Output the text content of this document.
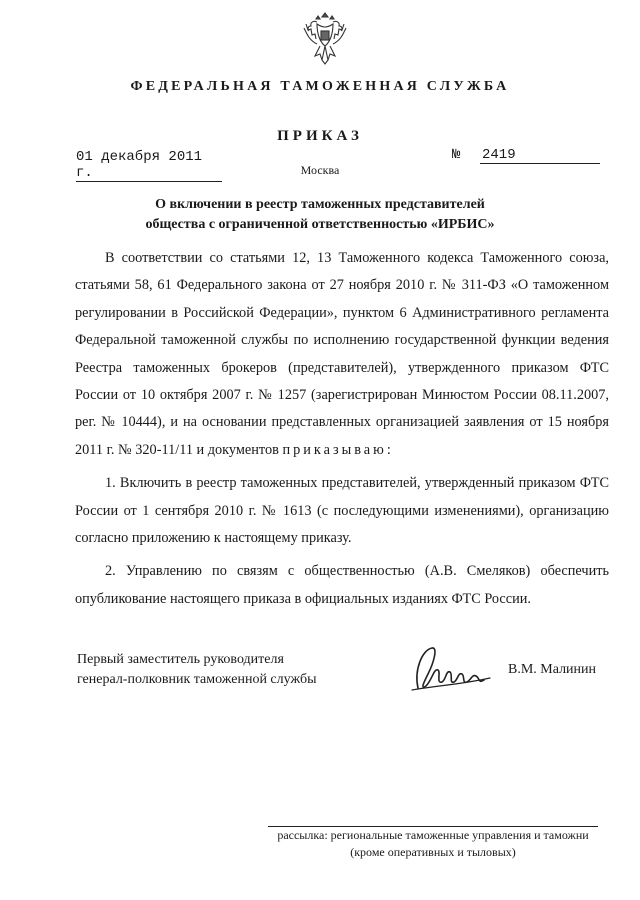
ФЕДЕРАЛЬНАЯ ТАМОЖЕННАЯ СЛУЖБА
ПРИКАЗ
01 декабря 2011 г.
№ 2419
Москва
О включении в реестр таможенных представителей
общества с ограниченной ответственностью «ИРБИС»

В соответствии со статьями 12, 13 Таможенного кодекса Таможенного союза, статьями 58, 61 Федерального закона от 27 ноября 2010 г. № 311-ФЗ «О таможенном регулировании в Российской Федерации», пунктом 6 Административного регламента Федеральной таможенной службы по исполнению государственной функции ведения Реестра таможенных брокеров (представителей), утвержденного приказом ФТС России от 10 октября 2007 г. № 1257 (зарегистрирован Минюстом России 08.11.2007, рег. № 10444), и на основании представленных организацией заявления от 15 ноября 2011 г. № 320-11/11 и документов приказываю:

1. Включить в реестр таможенных представителей, утвержденный приказом ФТС России от 1 сентября 2010 г. № 1613 (с последующими изменениями), организацию согласно приложению к настоящему приказу.

2. Управлению по связям с общественностью (А.В. Смеляков) обеспечить опубликование настоящего приказа в официальных изданиях ФТС России.

Первый заместитель руководителя
генерал-полковник таможенной службы
В.М. Малинин
рассылка: региональные таможенные управления и таможни
(кроме оперативных и тыловых)
